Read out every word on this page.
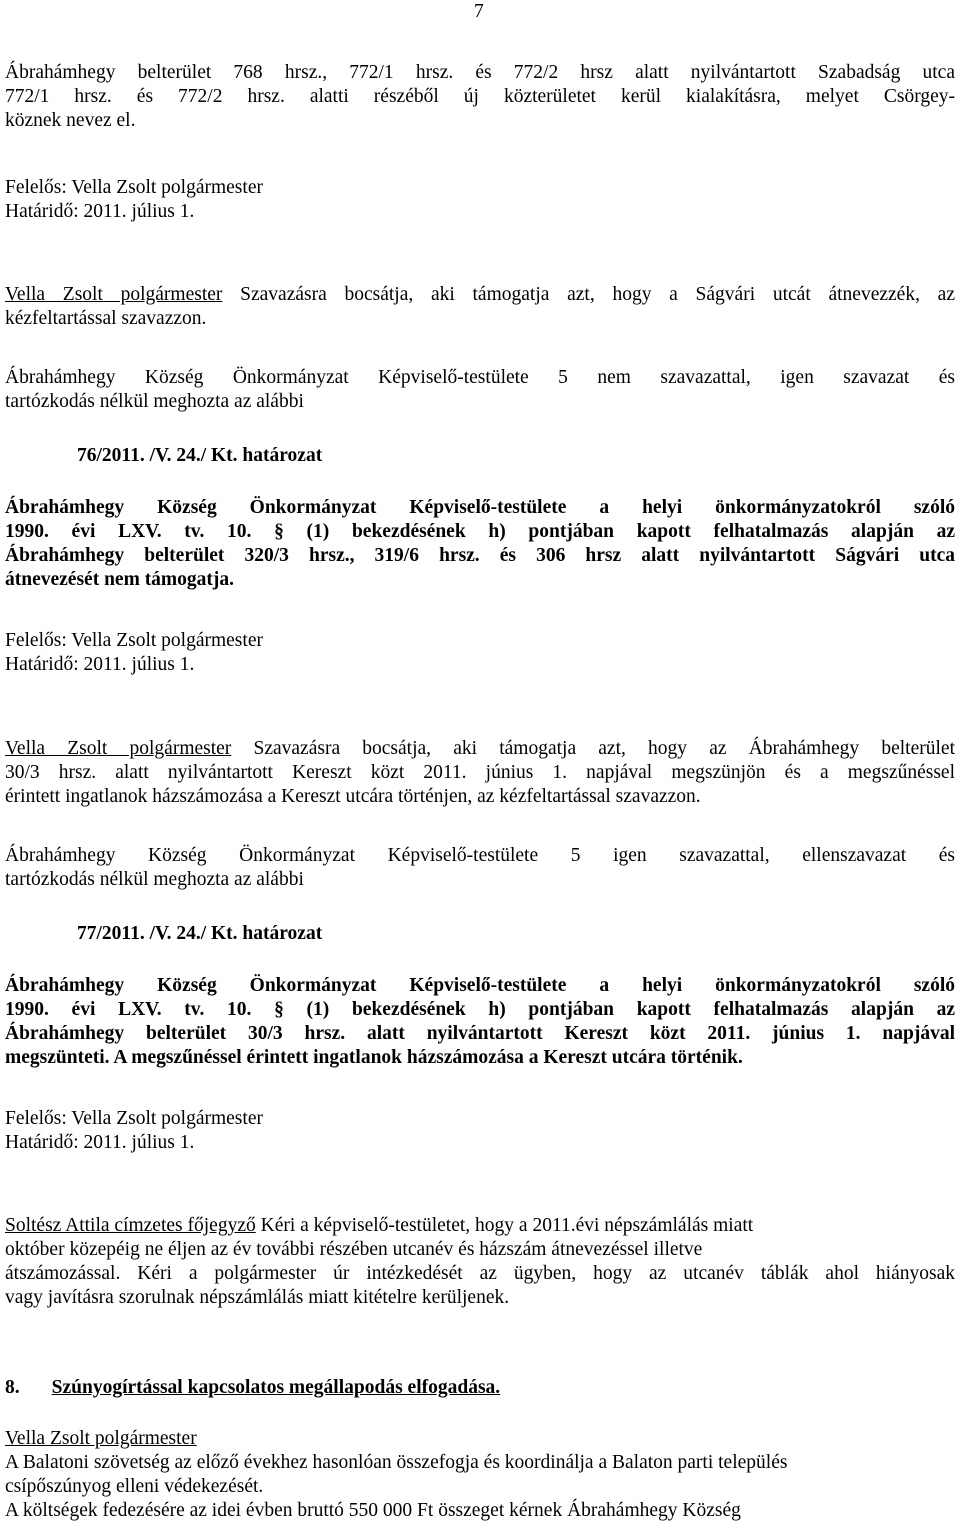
7
Ábrahámhegy belterület 768 hrsz., 772/1 hrsz. és 772/2 hrsz alatt nyilvántartott Szabadság utca
772/1 hrsz. és 772/2 hrsz. alatti részéből új közterületet kerül kialakításra, melyet Csörgey-
köznek nevez el.
Felelős: Vella Zsolt polgármester
Határidő: 2011. július 1.
Vella Zsolt polgármester Szavazásra bocsátja, aki támogatja azt, hogy a Ságvári utcát átnevezzék, az
kézfeltartással szavazzon.
Ábrahámhegy Község Önkormányzat Képviselő-testülete 5 nem szavazattal, igen szavazat és
tartózkodás nélkül meghozta az alábbi
76/2011. /V. 24./ Kt. határozat
Ábrahámhegy Község Önkormányzat Képviselő-testülete a helyi önkormányzatokról szóló
1990. évi LXV. tv. 10. § (1) bekezdésének h) pontjában kapott felhatalmazás alapján az
Ábrahámhegy belterület 320/3 hrsz., 319/6 hrsz. és 306 hrsz alatt nyilvántartott Ságvári utca
átnevezését nem támogatja.
Felelős: Vella Zsolt polgármester
Határidő: 2011. július 1.
Vella Zsolt polgármester Szavazásra bocsátja, aki támogatja azt, hogy az Ábrahámhegy belterület
30/3 hrsz. alatt nyilvántartott Kereszt közt 2011. június 1. napjával megszünjön és a megszűnéssel
érintett ingatlanok házszámozása a Kereszt utcára történjen, az kézfeltartással szavazzon.
Ábrahámhegy Község Önkormányzat Képviselő-testülete 5 igen szavazattal, ellenszavazat és
tartózkodás nélkül meghozta az alábbi
77/2011. /V. 24./ Kt. határozat
Ábrahámhegy Község Önkormányzat Képviselő-testülete a helyi önkormányzatokról szóló
1990. évi LXV. tv. 10. § (1) bekezdésének h) pontjában kapott felhatalmazás alapján az
Ábrahámhegy belterület 30/3 hrsz. alatt nyilvántartott Kereszt közt 2011. június 1. napjával
megszünteti. A megszűnéssel érintett ingatlanok házszámozása a Kereszt utcára történik.
Felelős: Vella Zsolt polgármester
Határidő: 2011. július 1.
Soltész Attila címzetes főjegyző Kéri a képviselő-testületet, hogy a 2011.évi népszámlálás miatt
október közepéig ne éljen az év további részében utcanév és házszám átnevezéssel illetve
átszámozással. Kéri a polgármester úr intézkedését az ügyben, hogy az utcanév táblák ahol hiányosak
vagy javításra szorulnak népszámlálás miatt kitételre kerüljenek.
8. Szúnyogírtással kapcsolatos megállapodás elfogadása.
Vella Zsolt polgármester
A Balatoni szövetség az előző évekhez hasonlóan összefogja és koordinálja a Balaton parti település
csípőszúnyog elleni védekezését.
A költségek fedezésére az idei évben bruttó 550 000 Ft összeget kérnek Ábrahámhegy Község
